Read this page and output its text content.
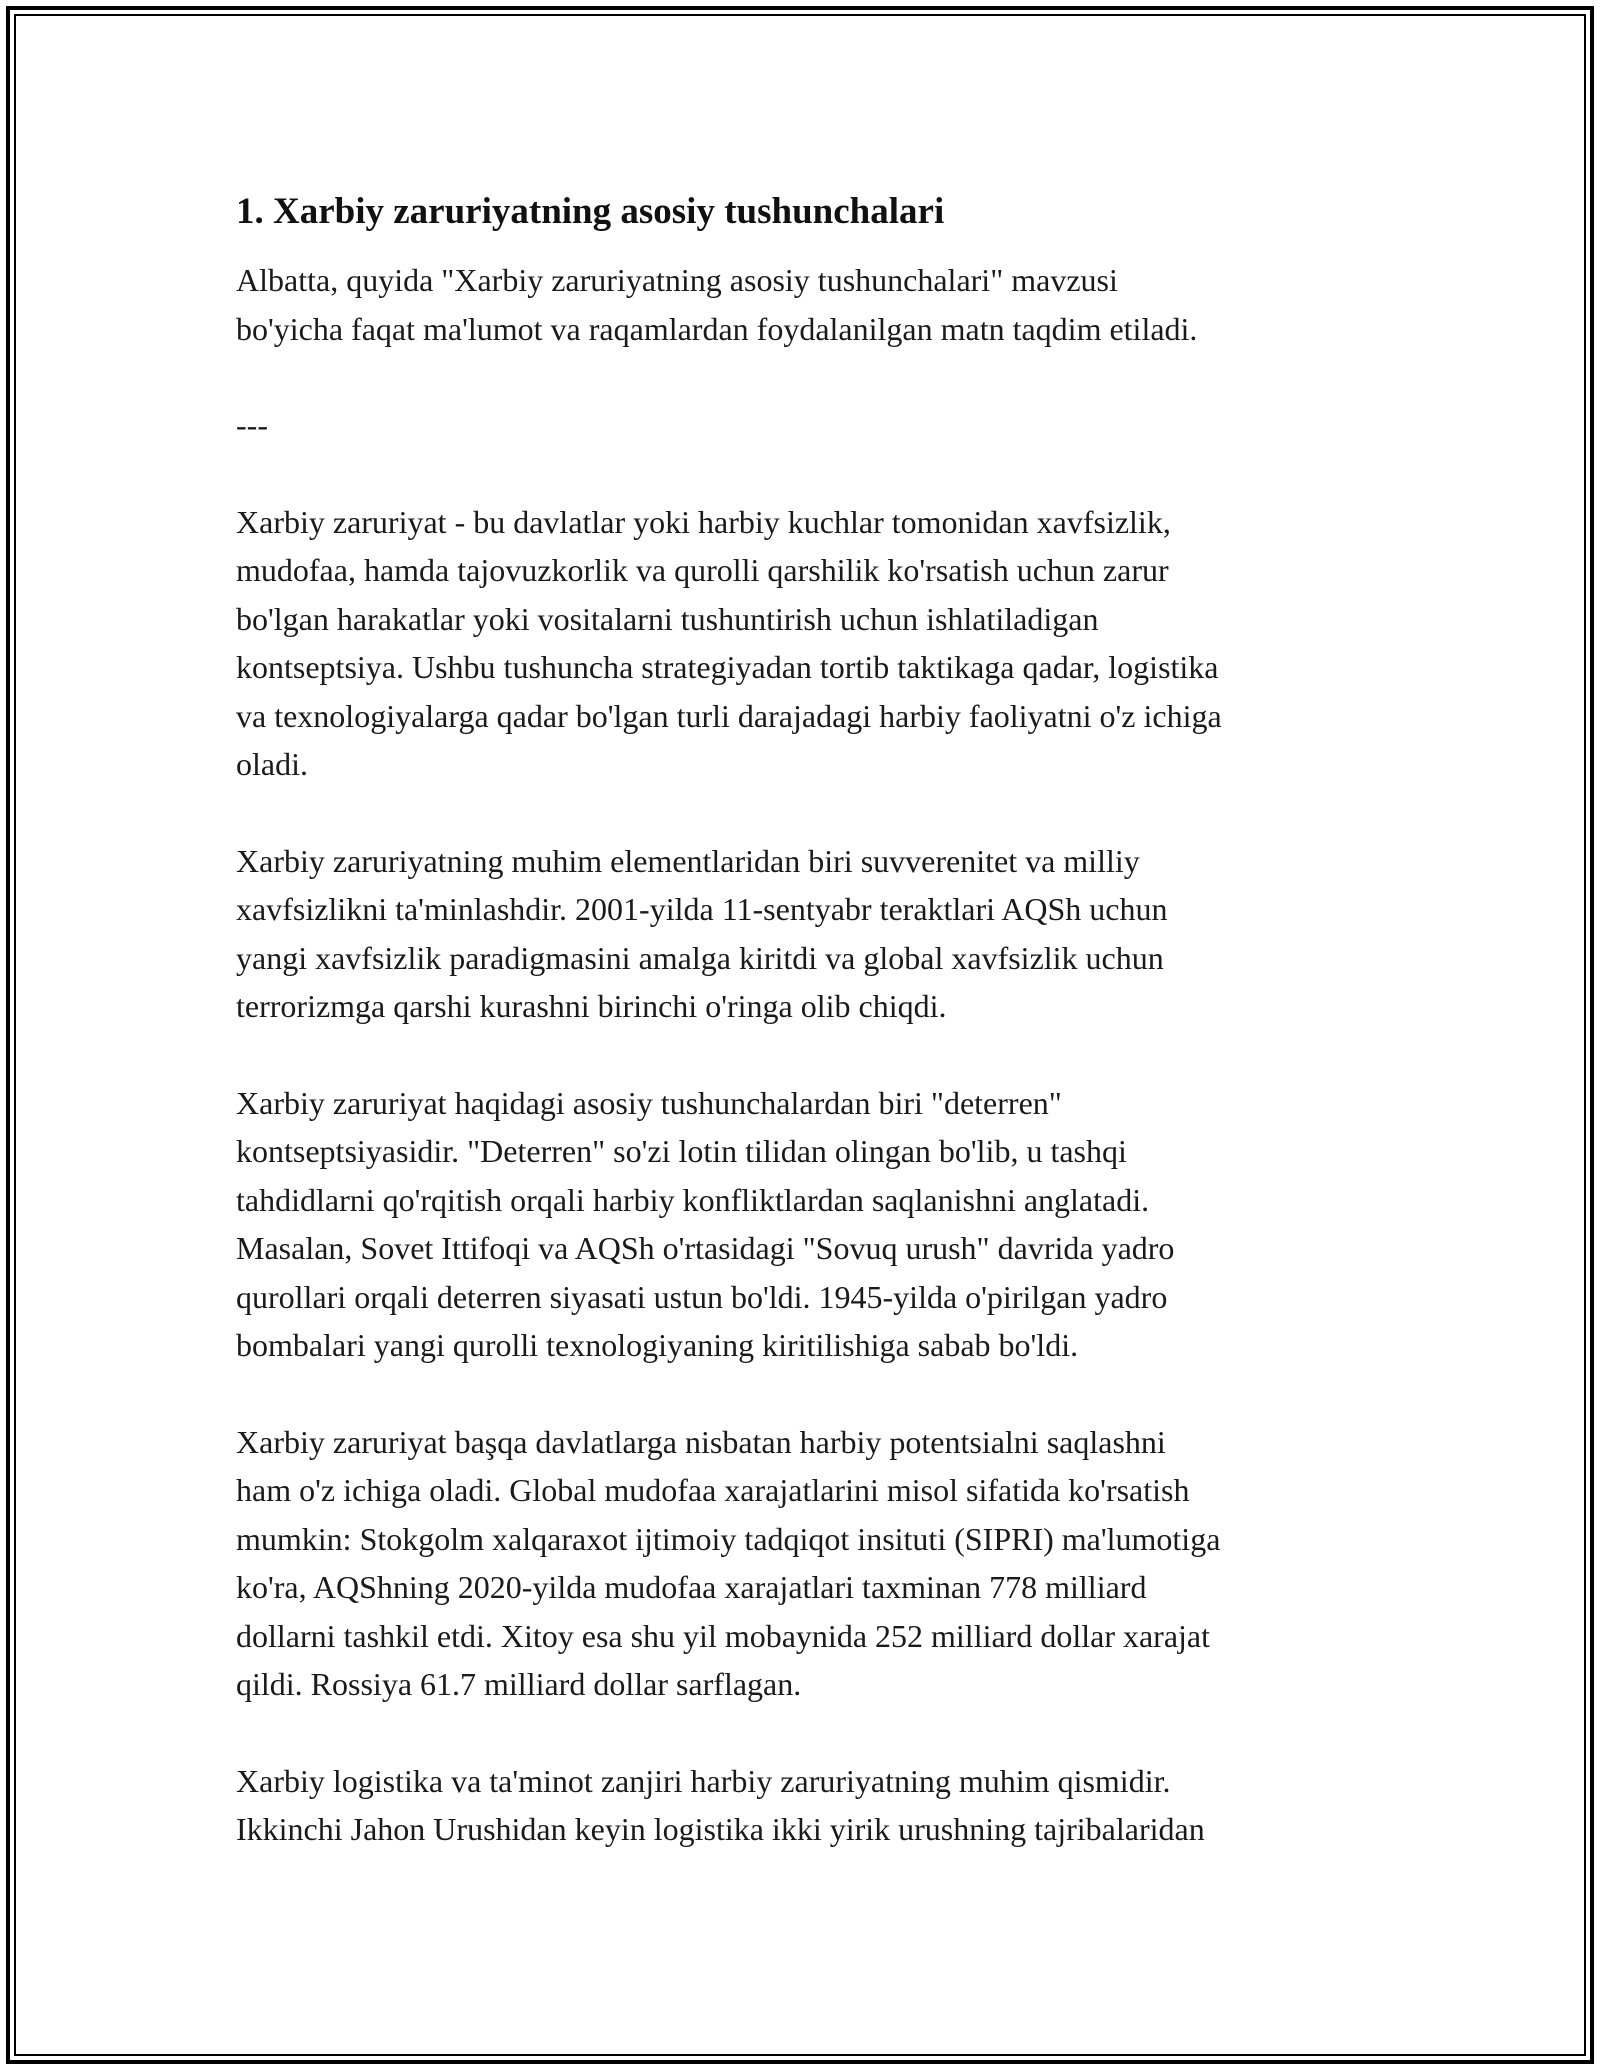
1. Xarbiy zaruriyatning asosiy tushunchalari
Albatta, quyida "Xarbiy zaruriyatning asosiy tushunchalari" mavzusi
bo'yicha faqat ma'lumot va raqamlardan foydalanilgan matn taqdim etiladi.
---
Xarbiy zaruriyat - bu davlatlar yoki harbiy kuchlar tomonidan xavfsizlik,
mudofaa, hamda tajovuzkorlik va qurolli qarshilik ko'rsatish uchun zarur
bo'lgan harakatlar yoki vositalarni tushuntirish uchun ishlatiladigan
kontseptsiya. Ushbu tushuncha strategiyadan tortib taktikaga qadar, logistika
va texnologiyalarga qadar bo'lgan turli darajadagi harbiy faoliyatni o'z ichiga
oladi.
Xarbiy zaruriyatning muhim elementlaridan biri suvverenitet va milliy
xavfsizlikni ta'minlashdir. 2001-yilda 11-sentyabr teraktlari AQSh uchun
yangi xavfsizlik paradigmasini amalga kiritdi va global xavfsizlik uchun
terrorizmga qarshi kurashni birinchi o'ringa olib chiqdi.
Xarbiy zaruriyat haqidagi asosiy tushunchalardan biri "deterren"
kontseptsiyasidir. "Deterren" so'zi lotin tilidan olingan bo'lib, u tashqi
tahdidlarni qo'rqitish orqali harbiy konfliktlardan saqlanishni anglatadi.
Masalan, Sovet Ittifoqi va AQSh o'rtasidagi "Sovuq urush" davrida yadro
qurollari orqali deterren siyasati ustun bo'ldi. 1945-yilda o'pirilgan yadro
bombalari yangi qurolli texnologiyaning kiritilishiga sabab bo'ldi.
Xarbiy zaruriyat başqa davlatlarga nisbatan harbiy potentsialni saqlashni
ham o'z ichiga oladi. Global mudofaa xarajatlarini misol sifatida ko'rsatish
mumkin: Stokgolm xalqaraxot ijtimoiy tadqiqot insituti (SIPRI) ma'lumotiga
ko'ra, AQShning 2020-yilda mudofaa xarajatlari taxminan 778 milliard
dollarni tashkil etdi. Xitoy esa shu yil mobaynida 252 milliard dollar xarajat
qildi. Rossiya 61.7 milliard dollar sarflagan.
Xarbiy logistika va ta'minot zanjiri harbiy zaruriyatning muhim qismidir.
Ikkinchi Jahon Urushidan keyin logistika ikki yirik urushning tajribalaridan
